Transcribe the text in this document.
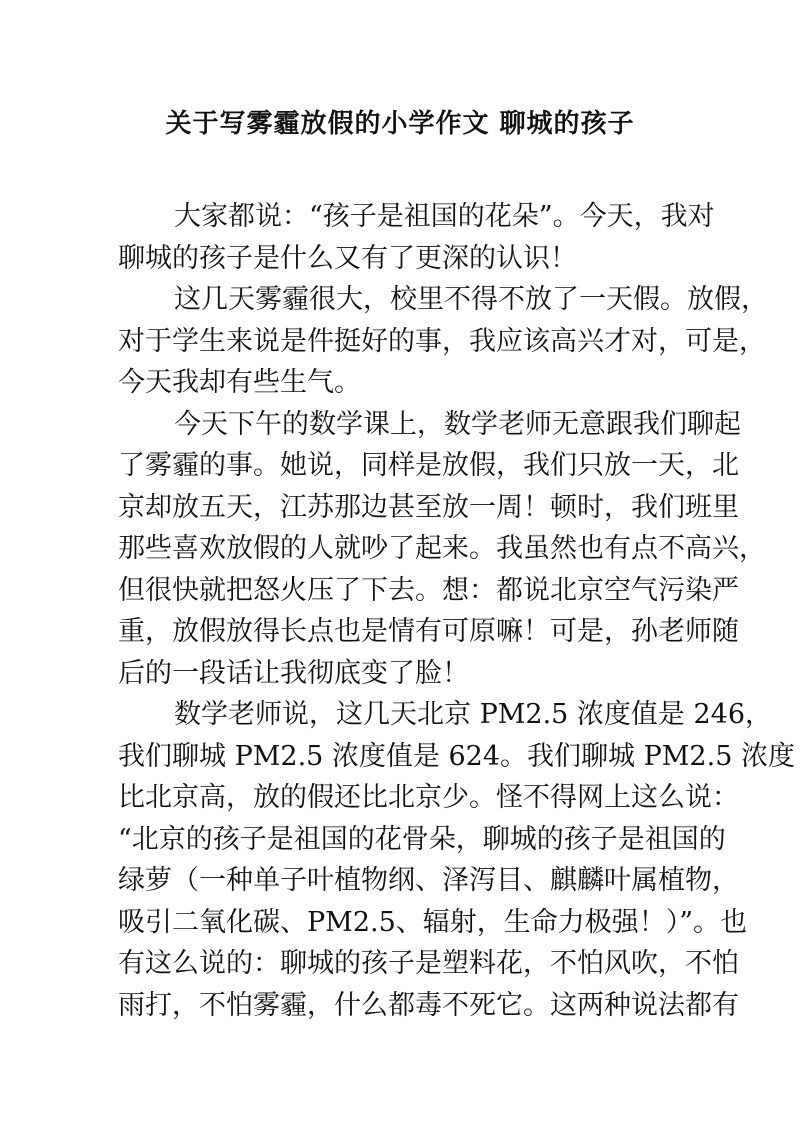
关于写雾霾放假的小学作文 聊城的孩子
大家都说：“孩子是祖国的花朵”。今天，我对
聊城的孩子是什么又有了更深的认识！
这几天雾霾很大，校里不得不放了一天假。放假，
对于学生来说是件挺好的事，我应该高兴才对，可是，
今天我却有些生气。
今天下午的数学课上，数学老师无意跟我们聊起
了雾霾的事。她说，同样是放假，我们只放一天，北
京却放五天，江苏那边甚至放一周！顿时，我们班里
那些喜欢放假的人就吵了起来。我虽然也有点不高兴，
但很快就把怒火压了下去。想：都说北京空气污染严
重，放假放得长点也是情有可原嘛！可是，孙老师随
后的一段话让我彻底变了脸！
数学老师说，这几天北京 PM2.5 浓度值是 246，
我们聊城 PM2.5 浓度值是 624。我们聊城 PM2.5 浓度
比北京高，放的假还比北京少。怪不得网上这么说：
“北京的孩子是祖国的花骨朵，聊城的孩子是祖国的
绿萝（一种单子叶植物纲、泽泻目、麒麟叶属植物，
吸引二氧化碳、PM2.5、辐射，生命力极强！）”。也
有这么说的：聊城的孩子是塑料花，不怕风吹，不怕
雨打，不怕雾霾，什么都毒不死它。这两种说法都有
